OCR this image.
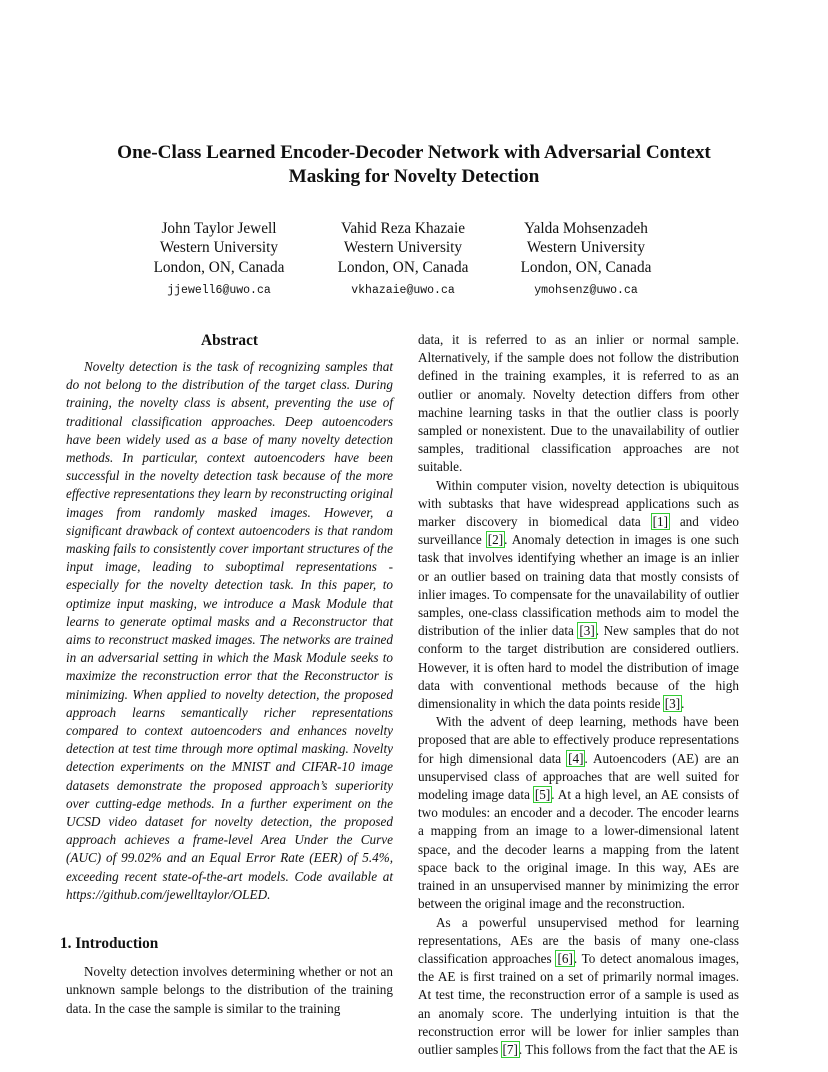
One-Class Learned Encoder-Decoder Network with Adversarial Context
Masking for Novelty Detection
John Taylor Jewell
Western University
London, ON, Canada
jjewell6@uwo.ca
Vahid Reza Khazaie
Western University
London, ON, Canada
vkhazaie@uwo.ca
Yalda Mohsenzadeh
Western University
London, ON, Canada
ymohsenz@uwo.ca
Abstract

Novelty detection is the task of recognizing samples that do not belong to the distribution of the target class. During training, the novelty class is absent, preventing the use of traditional classification approaches. Deep autoencoders have been widely used as a base of many novelty detection methods. In particular, context autoencoders have been successful in the novelty detection task because of the more effective representations they learn by reconstructing original images from randomly masked images. However, a significant drawback of context autoencoders is that random masking fails to consistently cover important structures of the input image, leading to suboptimal representations - especially for the novelty detection task. In this paper, to optimize input masking, we introduce a Mask Module that learns to generate optimal masks and a Reconstructor that aims to reconstruct masked images. The networks are trained in an adversarial setting in which the Mask Module seeks to maximize the reconstruction error that the Reconstructor is minimizing. When applied to novelty detection, the proposed approach learns semantically richer representations compared to context autoencoders and enhances novelty detection at test time through more optimal masking. Novelty detection experiments on the MNIST and CIFAR-10 image datasets demonstrate the proposed approach’s superiority over cutting-edge methods. In a further experiment on the UCSD video dataset for novelty detection, the proposed approach achieves a frame-level Area Under the Curve (AUC) of 99.02% and an Equal Error Rate (EER) of 5.4%, exceeding recent state-of-the-art models. Code available at https://github.com/jewelltaylor/OLED.

1. Introduction

Novelty detection involves determining whether or not an unknown sample belongs to the distribution of the training data. In the case the sample is similar to the training

data, it is referred to as an inlier or normal sample. Alternatively, if the sample does not follow the distribution defined in the training examples, it is referred to as an outlier or anomaly. Novelty detection differs from other machine learning tasks in that the outlier class is poorly sampled or nonexistent. Due to the unavailability of outlier samples, traditional classification approaches are not suitable.

Within computer vision, novelty detection is ubiquitous with subtasks that have widespread applications such as marker discovery in biomedical data [1] and video surveillance [2]. Anomaly detection in images is one such task that involves identifying whether an image is an inlier or an outlier based on training data that mostly consists of inlier images. To compensate for the unavailability of outlier samples, one-class classification methods aim to model the distribution of the inlier data [3]. New samples that do not conform to the target distribution are considered outliers. However, it is often hard to model the distribution of image data with conventional methods because of the high dimensionality in which the data points reside [3].

With the advent of deep learning, methods have been proposed that are able to effectively produce representations for high dimensional data [4]. Autoencoders (AE) are an unsupervised class of approaches that are well suited for modeling image data [5]. At a high level, an AE consists of two modules: an encoder and a decoder. The encoder learns a mapping from an image to a lower-dimensional latent space, and the decoder learns a mapping from the latent space back to the original image. In this way, AEs are trained in an unsupervised manner by minimizing the error between the original image and the reconstruction.

As a powerful unsupervised method for learning representations, AEs are the basis of many one-class classification approaches [6]. To detect anomalous images, the AE is first trained on a set of primarily normal images. At test time, the reconstruction error of a sample is used as an anomaly score. The underlying intuition is that the reconstruction error will be lower for inlier samples than outlier samples [7]. This follows from the fact that the AE is
